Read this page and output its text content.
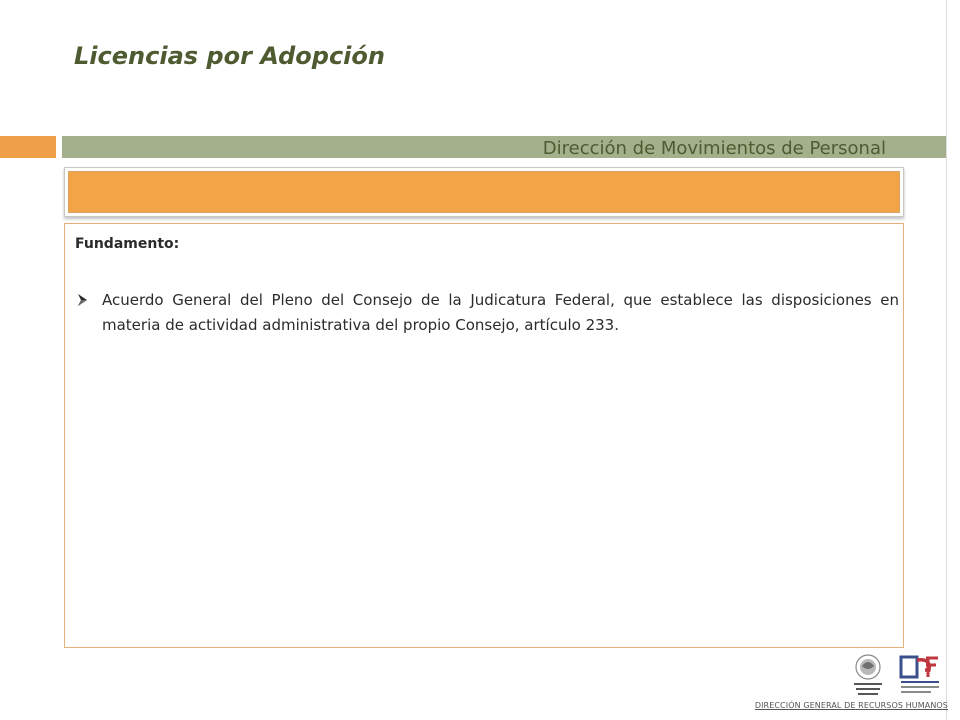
Licencias por Adopción
Dirección de Movimientos de Personal
Fundamento:
Acuerdo General del Pleno del Consejo de la Judicatura Federal, que establece las disposiciones en materia de actividad administrativa del propio Consejo, artículo 233.
DIRECCIÓN GENERAL DE RECURSOS HUMANOS
